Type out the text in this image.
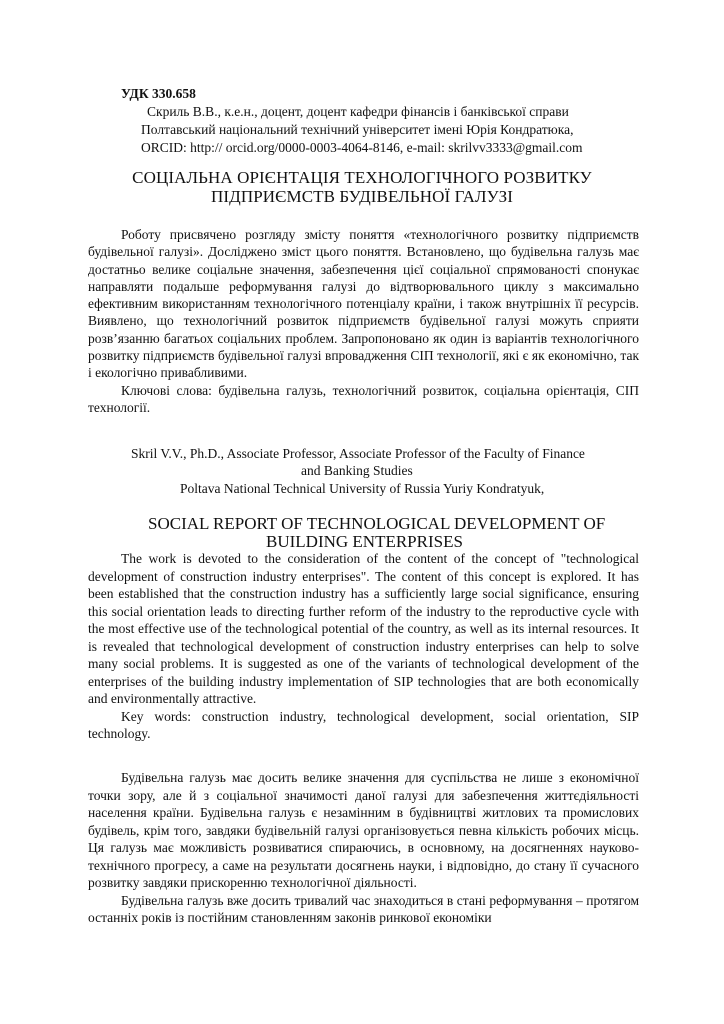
УДК 330.658
Скриль В.В., к.е.н., доцент, доцент кафедри фінансів і банківської справи
Полтавський національний технічний університет імені Юрія Кондратюка,
ORCID: http:// orcid.org/0000-0003-4064-8146, e-mail: skrilvv3333@gmail.com
СОЦІАЛЬНА ОРІЄНТАЦІЯ ТЕХНОЛОГІЧНОГО РОЗВИТКУ
ПІДПРИЄМСТВ БУДІВЕЛЬНОЇ ГАЛУЗІ

Роботу присвячено розгляду змісту поняття «технологічного розвитку підприємств будівельної галузі». Досліджено зміст цього поняття. Встановлено, що будівельна галузь має достатньо велике соціальне значення, забезпечення цієї соціальної спрямованості спонукає направляти подальше реформування галузі до відтворювального циклу з максимально ефективним використанням технологічного потенціалу країни, і також внутрішніх її ресурсів. Виявлено, що технологічний розвиток підприємств будівельної галузі можуть сприяти розв’язанню багатьох соціальних проблем. Запропоновано як один із варіантів технологічного розвитку підприємств будівельної галузі впровадження СІП технології, які є як економічно, так і екологічно привабливими.

Ключові слова: будівельна галузь, технологічний розвиток, соціальна орієнтація, СІП технології.

Skril V.V., Ph.D., Associate Professor, Associate Professor of the Faculty of Finance
and Banking Studies
Poltava National Technical University of Russia Yuriy Kondratyuk,
SOCIAL REPORT OF TECHNOLOGICAL DEVELOPMENT OF
BUILDING ENTERPRISES

The work is devoted to the consideration of the content of the concept of "technological development of construction industry enterprises". The content of this concept is explored. It has been established that the construction industry has a sufficiently large social significance, ensuring this social orientation leads to directing further reform of the industry to the reproductive cycle with the most effective use of the technological potential of the country, as well as its internal resources. It is revealed that technological development of construction industry enterprises can help to solve many social problems. It is suggested as one of the variants of technological development of the enterprises of the building industry implementation of SIP technologies that are both economically and environmentally attractive.

Key words: construction industry, technological development, social orientation, SIP technology.

Будівельна галузь має досить велике значення для суспільства не лише з економічної точки зору, але й з соціальної значимості даної галузі для забезпечення життєдіяльності населення країни. Будівельна галузь є незамінним в будівництві житлових та промислових будівель, крім того, завдяки будівельній галузі організовується певна кількість робочих місць. Ця галузь має можливість розвиватися спираючись, в основному, на досягненнях науково-технічного прогресу, а саме на результати досягнень науки, і відповідно, до стану її сучасного розвитку завдяки прискоренню технологічної діяльності.

Будівельна галузь вже досить тривалий час знаходиться в стані реформування – протягом останніх років із постійним становленням законів ринкової економіки
